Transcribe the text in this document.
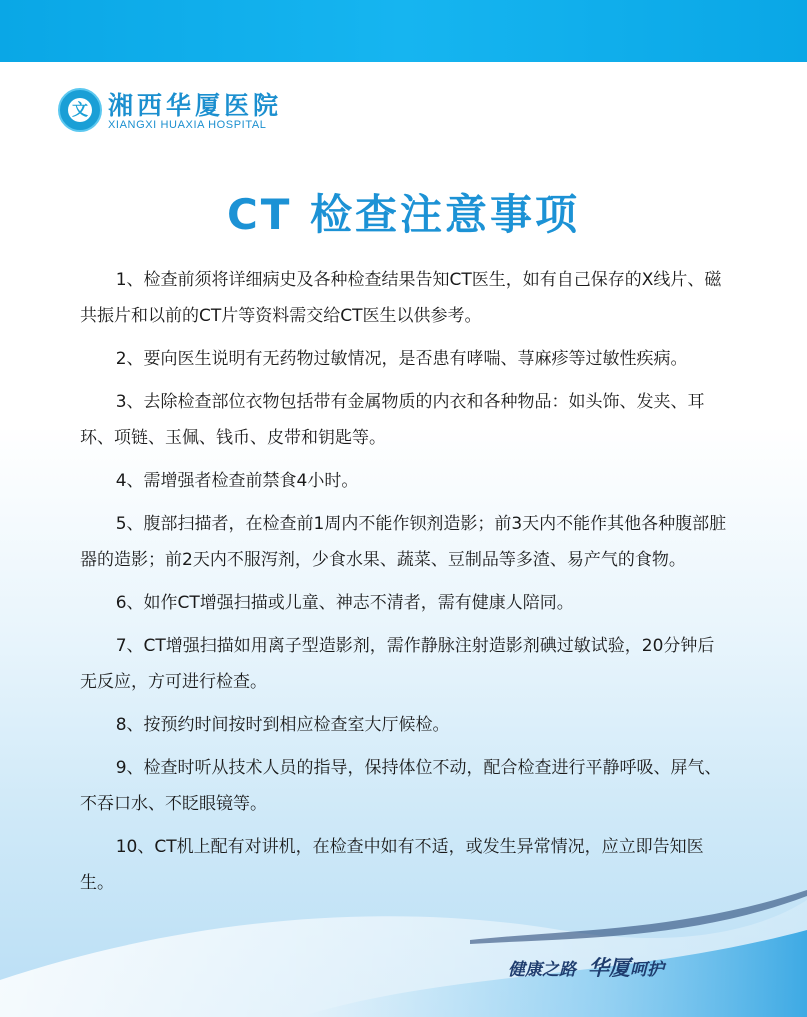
文 湘西华厦医院
XIANGXI HUAXIA HOSPITAL
CT 检查注意事项

1、检查前须将详细病史及各种检查结果告知CT医生，如有自己保存的X线片、磁共振片和以前的CT片等资料需交给CT医生以供参考。

2、要向医生说明有无药物过敏情况，是否患有哮喘、荨麻疹等过敏性疾病。

3、去除检查部位衣物包括带有金属物质的内衣和各种物品：如头饰、发夹、耳环、项链、玉佩、钱币、皮带和钥匙等。

4、需增强者检查前禁食4小时。

5、腹部扫描者，在检查前1周内不能作钡剂造影；前3天内不能作其他各种腹部脏器的造影；前2天内不服泻剂，少食水果、蔬菜、豆制品等多渣、易产气的食物。

6、如作CT增强扫描或儿童、神志不清者，需有健康人陪同。

7、CT增强扫描如用离子型造影剂，需作静脉注射造影剂碘过敏试验，20分钟后无反应，方可进行检查。

8、按预约时间按时到相应检查室大厅候检。

9、检查时听从技术人员的指导，保持体位不动，配合检查进行平静呼吸、屏气、不吞口水、不眨眼镜等。

10、CT机上配有对讲机，在检查中如有不适，或发生异常情况，应立即告知医生。

健康之路 华厦呵护
